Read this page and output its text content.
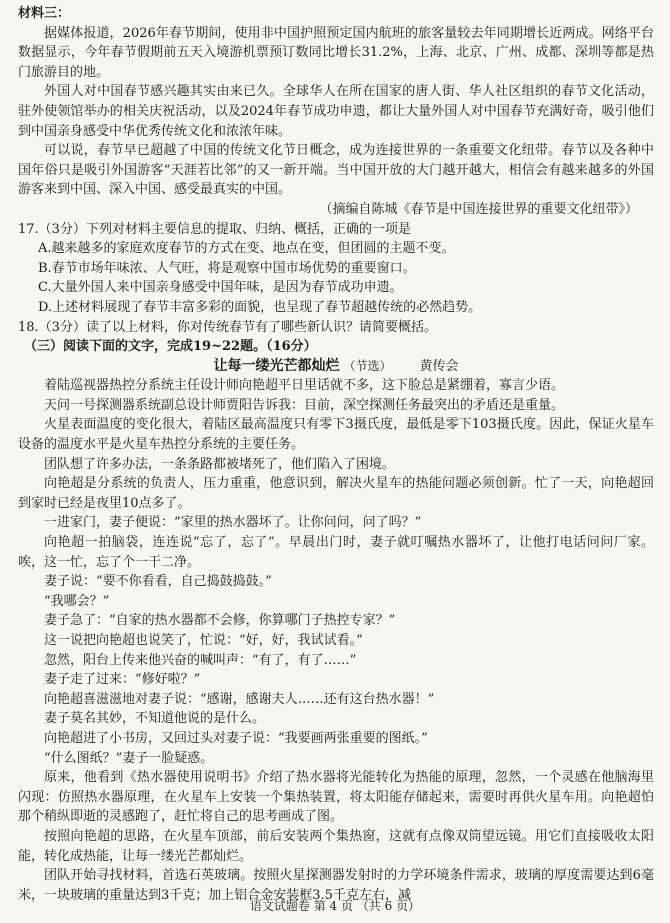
材料三：

据媒体报道，2026年春节期间，使用非中国护照预定国内航班的旅客量较去年同期增长近两成。网络平台数据显示，今年春节假期前五天入境游机票预订数同比增长31.2%，上海、北京、广州、成都、深圳等都是热门旅游目的地。

外国人对中国春节感兴趣其实由来已久。全球华人在所在国家的唐人街、华人社区组织的春节文化活动，驻外使领馆举办的相关庆祝活动，以及2024年春节成功申遗，都让大量外国人对中国春节充满好奇，吸引他们到中国亲身感受中华优秀传统文化和浓浓年味。

可以说，春节早已超越了中国的传统文化节日概念，成为连接世界的一条重要文化纽带。春节以及各种中国年俗只是吸引外国游客“天涯若比邻”的又一新开端。当中国开放的大门越开越大，相信会有越来越多的外国游客来到中国、深入中国、感受最真实的中国。

（摘编自陈城《春节是中国连接世界的重要文化纽带》）

17.（3分）下列对材料主要信息的提取、归纳、概括，正确的一项是

A.越来越多的家庭欢度春节的方式在变、地点在变，但团圆的主题不变。

B.春节市场年味浓、人气旺，将是观察中国市场优势的重要窗口。

C.大量外国人来中国亲身感受中国年味，是因为春节成功申遗。

D.上述材料展现了春节丰富多彩的面貌，也呈现了春节超越传统的必然趋势。

18.（3分）读了以上材料，你对传统春节有了哪些新认识？请简要概括。

（三）阅读下面的文字，完成19~22题。（16分）

让每一缕光芒都灿烂 （节选） 黄传会

着陆巡视器热控分系统主任设计师向艳超平日里话就不多，这下脸总是紧绷着，寡言少语。

天问一号探测器系统副总设计师贾阳告诉我：目前，深空探测任务最突出的矛盾还是重量。

火星表面温度的变化很大，着陆区最高温度只有零下3摄氏度，最低是零下103摄氏度。因此，保证火星车设备的温度水平是火星车热控分系统的主要任务。

团队想了许多办法，一条条路都被堵死了，他们陷入了困境。

向艳超是分系统的负责人，压力重重，他意识到，解决火星车的热能问题必须创新。忙了一天，向艳超回到家时已经是夜里10点多了。

一进家门，妻子便说：“家里的热水器坏了。让你问问，问了吗？”

向艳超一拍脑袋，连连说“忘了，忘了”。早晨出门时，妻子就叮嘱热水器坏了，让他打电话问问厂家。唉，这一忙，忘了个一干二净。

妻子说：“要不你看看，自己捣鼓捣鼓。”

“我哪会？”

妻子急了：“自家的热水器都不会修，你算哪门子热控专家？”

这一说把向艳超也说笑了，忙说：“好，好，我试试看。”

忽然，阳台上传来他兴奋的喊叫声：“有了，有了……”

妻子走了过来：“修好啦？”

向艳超喜滋滋地对妻子说：“感谢，感谢夫人……还有这台热水器！”

妻子莫名其妙，不知道他说的是什么。

向艳超进了小书房，又回过头对妻子说：“我要画两张重要的图纸。”

“什么图纸？”妻子一脸疑惑。

原来，他看到《热水器使用说明书》介绍了热水器将光能转化为热能的原理，忽然，一个灵感在他脑海里闪现：仿照热水器原理，在火星车上安装一个集热装置，将太阳能存储起来，需要时再供火星车用。向艳超怕那个稍纵即逝的灵感跑了，赶忙将自己的思考画成了图。

按照向艳超的思路，在火星车顶部，前后安装两个集热窗，这就有点像双筒望远镜。用它们直接吸收太阳能，转化成热能，让每一缕光芒都灿烂。

团队开始寻找材料，首选石英玻璃。按照火星探测器发射时的力学环境条件需求，玻璃的厚度需要达到6毫米，一块玻璃的重量达到3千克；加上铝合金安装框3.5千克左右，减

语文试题卷 第 4 页 （共 6 页）
